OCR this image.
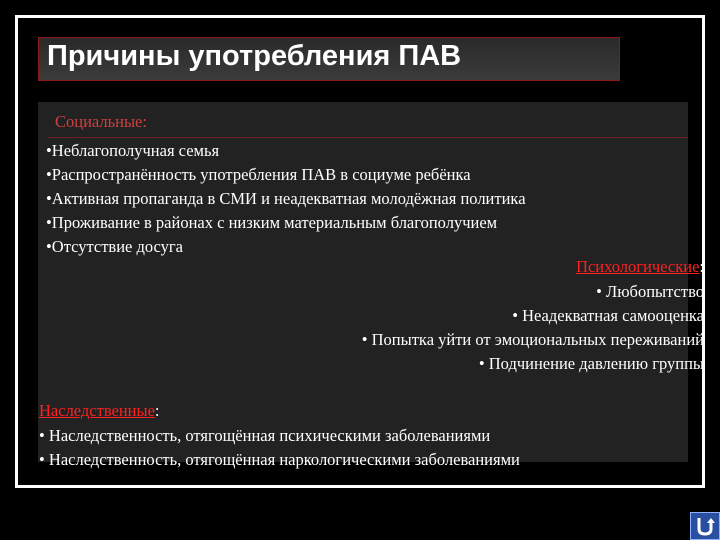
Причины употребления ПАВ
Социальные:
•Неблагополучная семья
•Распространённость употребления ПАВ в социуме ребёнка
•Активная пропаганда в СМИ и неадекватная молодёжная политика
•Проживание в районах с низким материальным благополучием
•Отсутствие досуга
Психологические:
• Любопытство
• Неадекватная самооценка
• Попытка уйти от эмоциональных переживаний
• Подчинение давлению группы
Наследственные:
• Наследственность, отягощённая психическими заболеваниями
• Наследственность, отягощённая наркологическими заболеваниями
